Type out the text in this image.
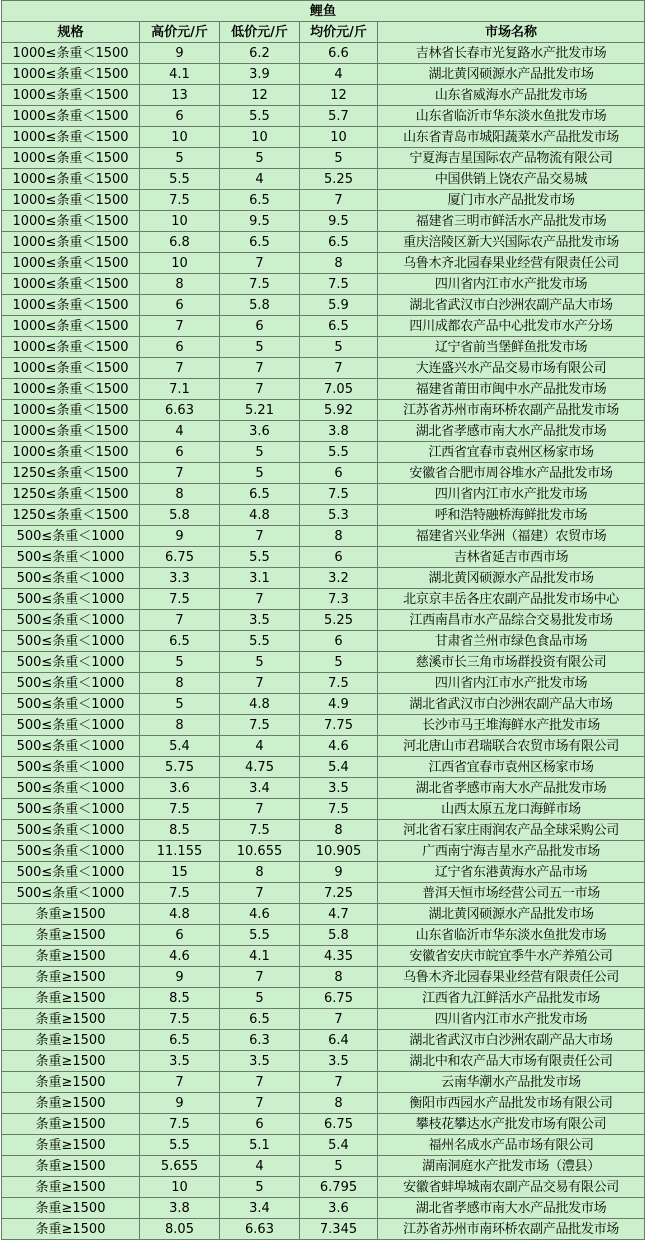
鲤鱼				
规格	高价元/斤	低价元/斤	均价元/斤	市场名称
1000≤条重＜1500	9	6.2	6.6	吉林省长春市光复路水产批发市场
1000≤条重＜1500	4.1	3.9	4	湖北黄冈硕源水产品批发市场
1000≤条重＜1500	13	12	12	山东省威海水产品批发市场
1000≤条重＜1500	6	5.5	5.7	山东省临沂市华东淡水鱼批发市场
1000≤条重＜1500	10	10	10	山东省青岛市城阳蔬菜水产品批发市场
1000≤条重＜1500	5	5	5	宁夏海吉星国际农产品物流有限公司
1000≤条重＜1500	5.5	4	5.25	中国供销上饶农产品交易城
1000≤条重＜1500	7.5	6.5	7	厦门市水产品批发市场
1000≤条重＜1500	10	9.5	9.5	福建省三明市鲜活水产品批发市场
1000≤条重＜1500	6.8	6.5	6.5	重庆涪陵区新大兴国际农产品批发市场
1000≤条重＜1500	10	7	8	乌鲁木齐北园春果业经营有限责任公司
1000≤条重＜1500	8	7.5	7.5	四川省内江市水产批发市场
1000≤条重＜1500	6	5.8	5.9	湖北省武汉市白沙洲农副产品大市场
1000≤条重＜1500	7	6	6.5	四川成都农产品中心批发市水产分场
1000≤条重＜1500	6	5	5	辽宁省前当堡鲜鱼批发市场
1000≤条重＜1500	7	7	7	大连盛兴水产品交易市场有限公司
1000≤条重＜1500	7.1	7	7.05	福建省莆田市闽中水产品批发市场
1000≤条重＜1500	6.63	5.21	5.92	江苏省苏州市南环桥农副产品批发市场
1000≤条重＜1500	4	3.6	3.8	湖北省孝感市南大水产品批发市场
1000≤条重＜1500	6	5	5.5	江西省宜春市袁州区杨家市场
1250≤条重＜1500	7	5	6	安徽省合肥市周谷堆水产品批发市场
1250≤条重＜1500	8	6.5	7.5	四川省内江市水产批发市场
1250≤条重＜1500	5.8	4.8	5.3	呼和浩特融桥海鲜批发市场
500≤条重＜1000	9	7	8	福建省兴业华洲（福建）农贸市场
500≤条重＜1000	6.75	5.5	6	吉林省延吉市西市场
500≤条重＜1000	3.3	3.1	3.2	湖北黄冈硕源水产品批发市场
500≤条重＜1000	7.5	7	7.3	北京京丰岳各庄农副产品批发市场中心
500≤条重＜1000	7	3.5	5.25	江西南昌市水产品综合交易批发市场
500≤条重＜1000	6.5	5.5	6	甘肃省兰州市绿色食品市场
500≤条重＜1000	5	5	5	慈溪市长三角市场群投资有限公司
500≤条重＜1000	8	7	7.5	四川省内江市水产批发市场
500≤条重＜1000	5	4.8	4.9	湖北省武汉市白沙洲农副产品大市场
500≤条重＜1000	8	7.5	7.75	长沙市马王堆海鲜水产批发市场
500≤条重＜1000	5.4	4	4.6	河北唐山市君瑞联合农贸市场有限公司
500≤条重＜1000	5.75	4.75	5.4	江西省宜春市袁州区杨家市场
500≤条重＜1000	3.6	3.4	3.5	湖北省孝感市南大水产品批发市场
500≤条重＜1000	7.5	7	7.5	山西太原五龙口海鲜市场
500≤条重＜1000	8.5	7.5	8	河北省石家庄雨润农产品全球采购公司
500≤条重＜1000	11.155	10.655	10.905	广西南宁海吉星水产品批发市场
500≤条重＜1000	15	8	9	辽宁省东港黄海水产品市场
500≤条重＜1000	7.5	7	7.25	普洱天恒市场经营公司五一市场
条重≥1500	4.8	4.6	4.7	湖北黄冈硕源水产品批发市场
条重≥1500	6	5.5	5.8	山东省临沂市华东淡水鱼批发市场
条重≥1500	4.6	4.1	4.35	安徽省安庆市皖宜季牛水产养殖公司
条重≥1500	9	7	8	乌鲁木齐北园春果业经营有限责任公司
条重≥1500	8.5	5	6.75	江西省九江鲜活水产品批发市场
条重≥1500	7.5	6.5	7	四川省内江市水产批发市场
条重≥1500	6.5	6.3	6.4	湖北省武汉市白沙洲农副产品大市场
条重≥1500	3.5	3.5	3.5	湖北中和农产品大市场有限责任公司
条重≥1500	7	7	7	云南华潮水产品批发市场
条重≥1500	9	7	8	衡阳市西园水产品批发市场有限公司
条重≥1500	7.5	6	6.75	攀枝花攀达水产批发市场有限公司
条重≥1500	5.5	5.1	5.4	福州名成水产品市场有限公司
条重≥1500	5.655	4	5	湖南洞庭水产批发市场（澧县）
条重≥1500	10	5	6.795	安徽省蚌埠城南农副产品交易有限公司
条重≥1500	3.8	3.4	3.6	湖北省孝感市南大水产品批发市场
条重≥1500	8.05	6.63	7.345	江苏省苏州市南环桥农副产品批发市场
